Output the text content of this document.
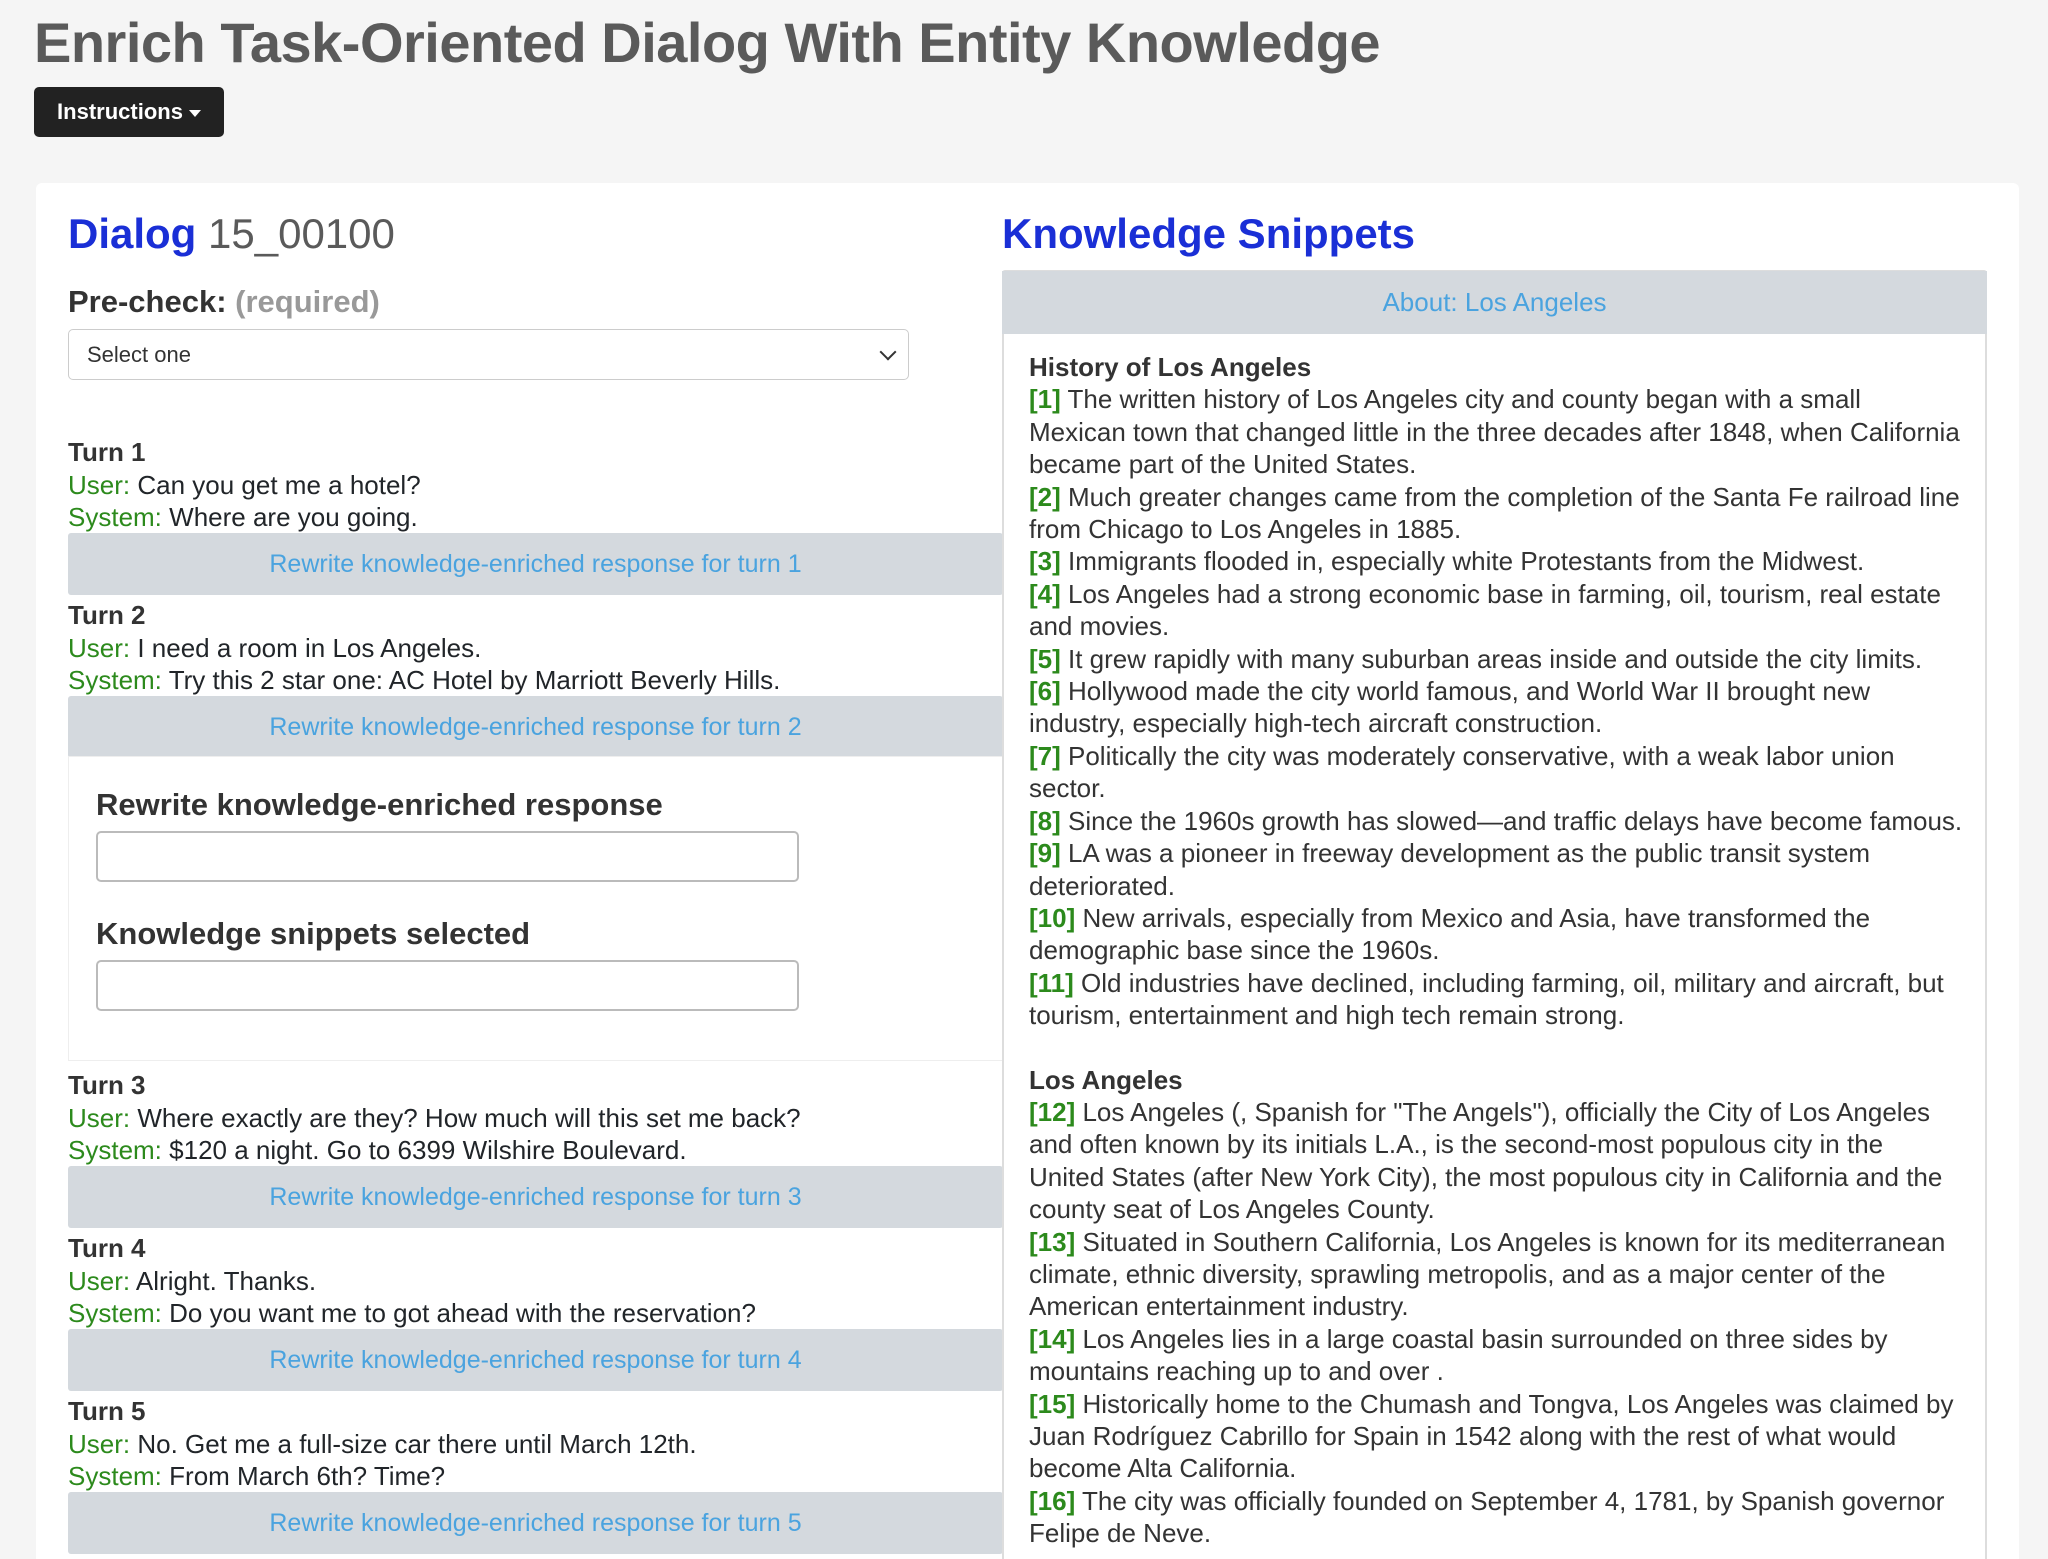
Enrich Task-Oriented Dialog With Entity Knowledge
Instructions
Dialog 15_00100
Pre-check: (required)
Select one
Turn 1
User: Can you get me a hotel?
System: Where are you going.
Rewrite knowledge-enriched response for turn 1
Turn 2
User: I need a room in Los Angeles.
System: Try this 2 star one: AC Hotel by Marriott Beverly Hills.
Rewrite knowledge-enriched response for turn 2
Rewrite knowledge-enriched response
Knowledge snippets selected
Turn 3
User: Where exactly are they? How much will this set me back?
System: $120 a night. Go to 6399 Wilshire Boulevard.
Rewrite knowledge-enriched response for turn 3
Turn 4
User: Alright. Thanks.
System: Do you want me to got ahead with the reservation?
Rewrite knowledge-enriched response for turn 4
Turn 5
User: No. Get me a full-size car there until March 12th.
System: From March 6th? Time?
Rewrite knowledge-enriched response for turn 5
Knowledge Snippets
About: Los Angeles
History of Los Angeles
[1] The written history of Los Angeles city and county began with a small Mexican town that changed little in the three decades after 1848, when California became part of the United States.
[2] Much greater changes came from the completion of the Santa Fe railroad line from Chicago to Los Angeles in 1885.
[3] Immigrants flooded in, especially white Protestants from the Midwest.
[4] Los Angeles had a strong economic base in farming, oil, tourism, real estate and movies.
[5] It grew rapidly with many suburban areas inside and outside the city limits.
[6] Hollywood made the city world famous, and World War II brought new industry, especially high-tech aircraft construction.
[7] Politically the city was moderately conservative, with a weak labor union sector.
[8] Since the 1960s growth has slowed—and traffic delays have become famous.
[9] LA was a pioneer in freeway development as the public transit system deteriorated.
[10] New arrivals, especially from Mexico and Asia, have transformed the demographic base since the 1960s.
[11] Old industries have declined, including farming, oil, military and aircraft, but tourism, entertainment and high tech remain strong.
Los Angeles
[12] Los Angeles (, Spanish for "The Angels"), officially the City of Los Angeles and often known by its initials L.A., is the second-most populous city in the United States (after New York City), the most populous city in California and the county seat of Los Angeles County.
[13] Situated in Southern California, Los Angeles is known for its mediterranean climate, ethnic diversity, sprawling metropolis, and as a major center of the American entertainment industry.
[14] Los Angeles lies in a large coastal basin surrounded on three sides by mountains reaching up to and over .
[15] Historically home to the Chumash and Tongva, Los Angeles was claimed by Juan Rodríguez Cabrillo for Spain in 1542 along with the rest of what would become Alta California.
[16] The city was officially founded on September 4, 1781, by Spanish governor Felipe de Neve.
